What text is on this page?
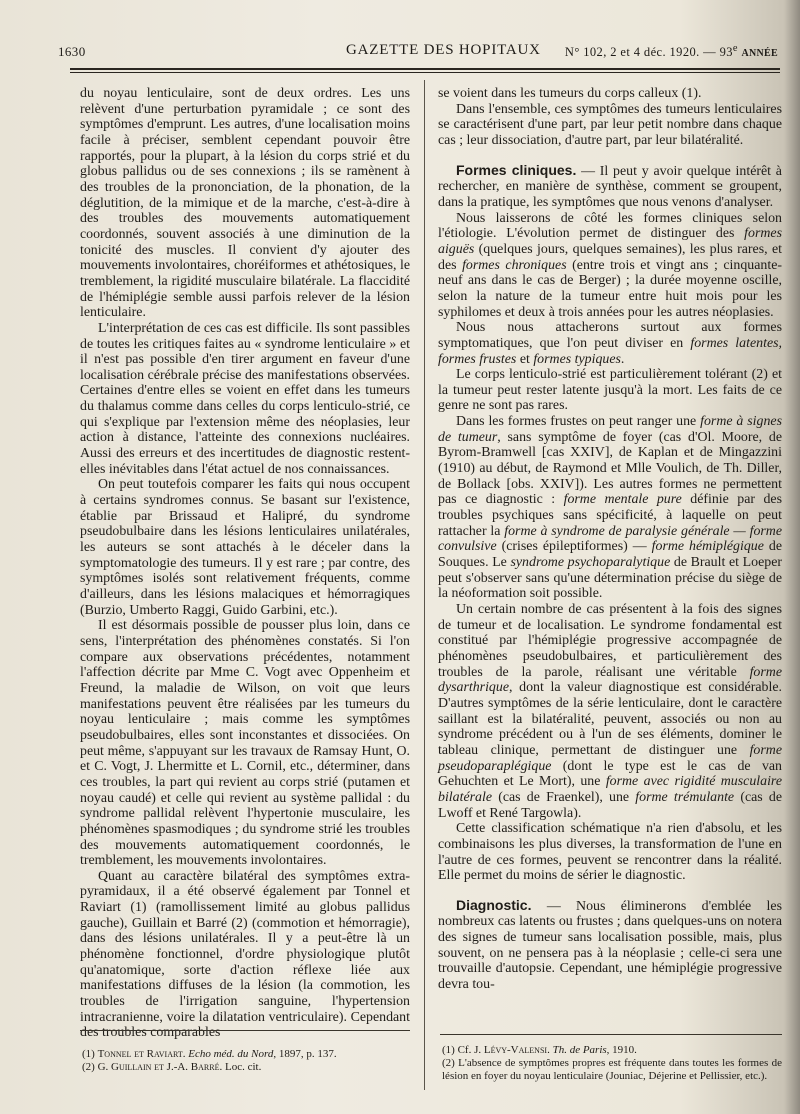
1630	GAZETTE DES HOPITAUX N° 102, 2 et 4 déc. 1920. — 93e ANNÉE

du noyau lenticulaire, sont de deux ordres. Les uns relèvent d'une perturbation pyramidale ; ce sont des symptômes d'emprunt. Les autres, d'une localisation moins facile à préciser, semblent cependant pouvoir être rapportés, pour la plupart, à la lésion du corps strié et du globus pallidus ou de ses connexions ; ils se ramènent à des troubles de la prononciation, de la phonation, de la déglutition, de la mimique et de la marche, c'est-à-dire à des troubles des mouvements automatiquement coordonnés, souvent associés à une diminution de la tonicité des muscles. Il convient d'y ajouter des mouvements involontaires, choréiformes et athétosiques, le tremblement, la rigidité musculaire bilatérale. La flaccidité de l'hémiplégie semble aussi parfois relever de la lésion lenticulaire.

L'interprétation de ces cas est difficile. Ils sont passibles de toutes les critiques faites au « syndrome lenticulaire » et il n'est pas possible d'en tirer argument en faveur d'une localisation cérébrale précise des manifestations observées. Certaines d'entre elles se voient en effet dans les tumeurs du thalamus comme dans celles du corps lenticulo-strié, ce qui s'explique par l'extension même des néoplasies, leur action à distance, l'atteinte des connexions nucléaires. Aussi des erreurs et des incertitudes de diagnostic restent-elles inévitables dans l'état actuel de nos connaissances.

On peut toutefois comparer les faits qui nous occupent à certains syndromes connus. Se basant sur l'existence, établie par Brissaud et Halipré, du syndrome pseudobulbaire dans les lésions lenticulaires unilatérales, les auteurs se sont attachés à le déceler dans la symptomatologie des tumeurs. Il y est rare ; par contre, des symptômes isolés sont relativement fréquents, comme d'ailleurs, dans les lésions malaciques et hémorragiques (Burzio, Umberto Raggi, Guido Garbini, etc.).

Il est désormais possible de pousser plus loin, dans ce sens, l'interprétation des phénomènes constatés. Si l'on compare aux observations précédentes, notamment l'affection décrite par Mme C. Vogt avec Oppenheim et Freund, la maladie de Wilson, on voit que leurs manifestations peuvent être réalisées par les tumeurs du noyau lenticulaire ; mais comme les symptômes pseudobulbaires, elles sont inconstantes et dissociées. On peut même, s'appuyant sur les travaux de Ramsay Hunt, O. et C. Vogt, J. Lhermitte et L. Cornil, etc., déterminer, dans ces troubles, la part qui revient au corps strié (putamen et noyau caudé) et celle qui revient au système pallidal : du syndrome pallidal relèvent l'hypertonie musculaire, les phénomènes spasmodiques ; du syndrome strié les troubles des mouvements automatiquement coordonnés, le tremblement, les mouvements involontaires.

Quant au caractère bilatéral des symptômes extra-pyramidaux, il a été observé également par Tonnel et Raviart (1) (ramollissement limité au globus pallidus gauche), Guillain et Barré (2) (commotion et hémorragie), dans des lésions unilatérales. Il y a peut-être là un phénomène fonctionnel, d'ordre physiologique plutôt qu'anatomique, sorte d'action réflexe liée aux manifestations diffuses de la lésion (la commotion, les troubles de l'irrigation sanguine, l'hypertension intracranienne, voire la dilatation ventriculaire). Cependant des troubles comparables

se voient dans les tumeurs du corps calleux (1).

Dans l'ensemble, ces symptômes des tumeurs lenticulaires se caractérisent d'une part, par leur petit nombre dans chaque cas ; leur dissociation, d'autre part, par leur bilatéralité.

Formes cliniques. — Il peut y avoir quelque intérêt à rechercher, en manière de synthèse, comment se groupent, dans la pratique, les symptômes que nous venons d'analyser.

Nous laisserons de côté les formes cliniques selon l'étiologie. L'évolution permet de distinguer des formes aiguës (quelques jours, quelques semaines), les plus rares, et des formes chroniques (entre trois et vingt ans ; cinquante-neuf ans dans le cas de Berger) ; la durée moyenne oscille, selon la nature de la tumeur entre huit mois pour les syphilomes et deux à trois années pour les autres néoplasies.

Nous nous attacherons surtout aux formes symptomatiques, que l'on peut diviser en formes latentes, formes frustes et formes typiques.

Le corps lenticulo-strié est particulièrement tolérant (2) et la tumeur peut rester latente jusqu'à la mort. Les faits de ce genre ne sont pas rares.

Dans les formes frustes on peut ranger une forme à signes de tumeur, sans symptôme de foyer (cas d'Ol. Moore, de Byrom-Bramwell [cas XXIV], de Kaplan et de Mingazzini (1910) au début, de Raymond et Mlle Voulich, de Th. Diller, de Bollack [obs. XXIV]). Les autres formes ne permettent pas ce diagnostic : forme mentale pure définie par des troubles psychiques sans spécificité, à laquelle on peut rattacher la forme à syndrome de paralysie générale — forme convulsive (crises épileptiformes) — forme hémiplégique de Souques. Le syndrome psychoparalytique de Brault et Loeper peut s'observer sans qu'une détermination précise du siège de la néoformation soit possible.

Un certain nombre de cas présentent à la fois des signes de tumeur et de localisation. Le syndrome fondamental est constitué par l'hémiplégie progressive accompagnée de phénomènes pseudobulbaires, et particulièrement des troubles de la parole, réalisant une véritable forme dysarthrique, dont la valeur diagnostique est considérable. D'autres symptômes de la série lenticulaire, dont le caractère saillant est la bilatéralité, peuvent, associés ou non au syndrome précédent ou à l'un de ses éléments, dominer le tableau clinique, permettant de distinguer une forme pseudoparaplégique (dont le type est le cas de van Gehuchten et Le Mort), une forme avec rigidité musculaire bilatérale (cas de Fraenkel), une forme trémulante (cas de Lwoff et René Targowla).

Cette classification schématique n'a rien d'absolu, et les combinaisons les plus diverses, la transformation de l'une en l'autre de ces formes, peuvent se rencontrer dans la réalité. Elle permet du moins de sérier le diagnostic.

Diagnostic. — Nous éliminerons d'emblée les nombreux cas latents ou frustes ; dans quelques-uns on notera des signes de tumeur sans localisation possible, mais, plus souvent, on ne pensera pas à la néoplasie ; celle-ci sera une trouvaille d'autopsie. Cependant, une hémiplégie progressive devra tou-

(1) Tonnel et Raviart. Echo méd. du Nord, 1897, p. 137.

(2) G. Guillain et J.-A. Barré. Loc. cit.

(1) Cf. J. Lévy-Valensi. Th. de Paris, 1910.

(2) L'absence de symptômes propres est fréquente dans toutes les formes de lésion en foyer du noyau lenticulaire (Jouniac, Déjerine et Pellissier, etc.).
